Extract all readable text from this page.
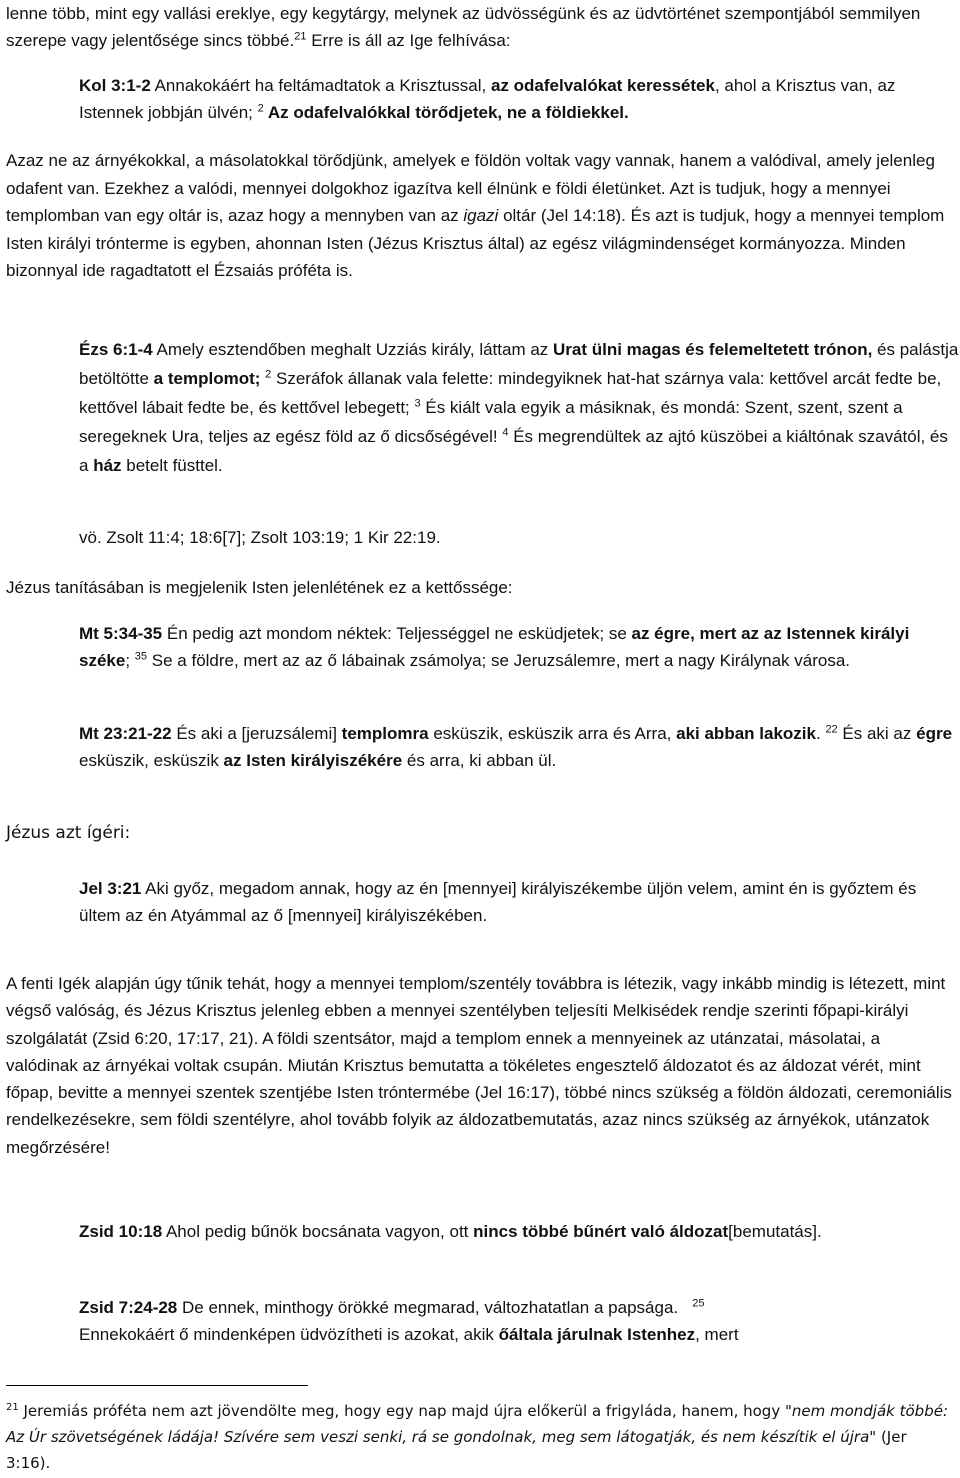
lenne több, mint egy vallási ereklye, egy kegytárgy, melynek az üdvösségünk és az üdvtörténet szempontjából semmilyen szerepe vagy jelentősége sincs többé.$^{21}$ Erre is áll az Ige felhívása:

Kol 3:1-2 Annakokáért ha feltámadtatok a Krisztussal, az odafelvalókat keressétek, ahol a Krisztus van, az Istennek jobbján ülvén; $^2$ Az odafelvalókkal törődjetek, ne a földiekkel.

Azaz ne az árnyékokkal, a másolatokkal törődjünk, amelyek e földön voltak vagy vannak, hanem a valódival, amely jelenleg odafent van. Ezekhez a valódi, mennyei dolgokhoz igazítva kell élnünk e földi életünket. Azt is tudjuk, hogy a mennyei templomban van egy oltár is, azaz hogy a mennyben van az igazi oltár (Jel 14:18). És azt is tudjuk, hogy a mennyei templom Isten királyi trónterme is egyben, ahonnan Isten (Jézus Krisztus által) az egész világmindenséget kormányozza. Minden bizonnyal ide ragadtatott el Ézsaiás próféta is.

Ézs 6:1-4 Amely esztendőben meghalt Uzziás király, láttam az Urat ülni magas és felemeltetett trónon, és palástja betöltötte a templomot; $^2$ Szeráfok állanak vala felette: mindegyiknek hat-hat szárnya vala: kettővel arcát fedte be, kettővel lábait fedte be, és kettővel lebegett; $^3$ És kiált vala egyik a másiknak, és mondá: Szent, szent, szent a seregeknek Ura, teljes az egész föld az ő dicsőségével! $^4$ És megrendültek az ajtó küszöbei a kiáltónak szavától, és a ház betelt füsttel.

vö. Zsolt 11:4; 18:6[7]; Zsolt 103:19; 1 Kir 22:19.

Jézus tanításában is megjelenik Isten jelenlétének ez a kettőssége:

Mt 5:34-35 Én pedig azt mondom néktek: Teljességgel ne esküdjetek; se az égre, mert az az Istennek királyi széke; $^{35}$ Se a földre, mert az az ő lábainak zsámolya; se Jeruzsálemre, mert a nagy Királynak városa.

Mt 23:21-22 És aki a [jeruzsálemi] templomra esküszik, esküszik arra és Arra, aki abban lakozik. $^{22}$ És aki az égre esküszik, esküszik az Isten királyiszékére és arra, ki abban ül.

Jézus azt ígéri:

Jel 3:21 Aki győz, megadom annak, hogy az én [mennyei] királyiszékembe üljön velem, amint én is győztem és ültem az én Atyámmal az ő [mennyei] királyiszékében.

A fenti Igék alapján úgy tűnik tehát, hogy a mennyei templom/szentély továbbra is létezik, vagy inkább mindig is létezett, mint végső valóság, és Jézus Krisztus jelenleg ebben a mennyei szentélyben teljesíti Melkisédek rendje szerinti főpapi-királyi szolgálatát (Zsid 6:20, 17:17, 21). A földi szentsátor, majd a templom ennek a mennyeinek az utánzatai, másolatai, a valódinak az árnyékai voltak csupán. Miután Krisztus bemutatta a tökéletes engesztelő áldozatot és az áldozat vérét, mint főpap, bevitte a mennyei szentek szentjébe Isten tróntermébe (Jel 16:17), többé nincs szükség a földön áldozati, ceremoniális rendelkezésekre, sem földi szentélyre, ahol tovább folyik az áldozatbemutatás, azaz nincs szükség az árnyékok, utánzatok megőrzésére!

Zsid 10:18 Ahol pedig bűnök bocsánata vagyon, ott nincs többé bűnért való áldozat[bemutatás].

Zsid 7:24-28 De ennek, minthogy örökké megmarad, változhatatlan a papsága. $^{25}$
Ennekokáért ő mindenképen üdvözítheti is azokat, akik őáltala járulnak Istenhez, mert

$^{21}$ Jeremiás próféta nem azt jövendölte meg, hogy egy nap majd újra előkerül a frigyláda, hanem, hogy "nem mondják többé: Az Úr szövetségének ládája! Szívére sem veszi senki, rá se gondolnak, meg sem látogatják, és nem készítik el újra" (Jer 3:16).
